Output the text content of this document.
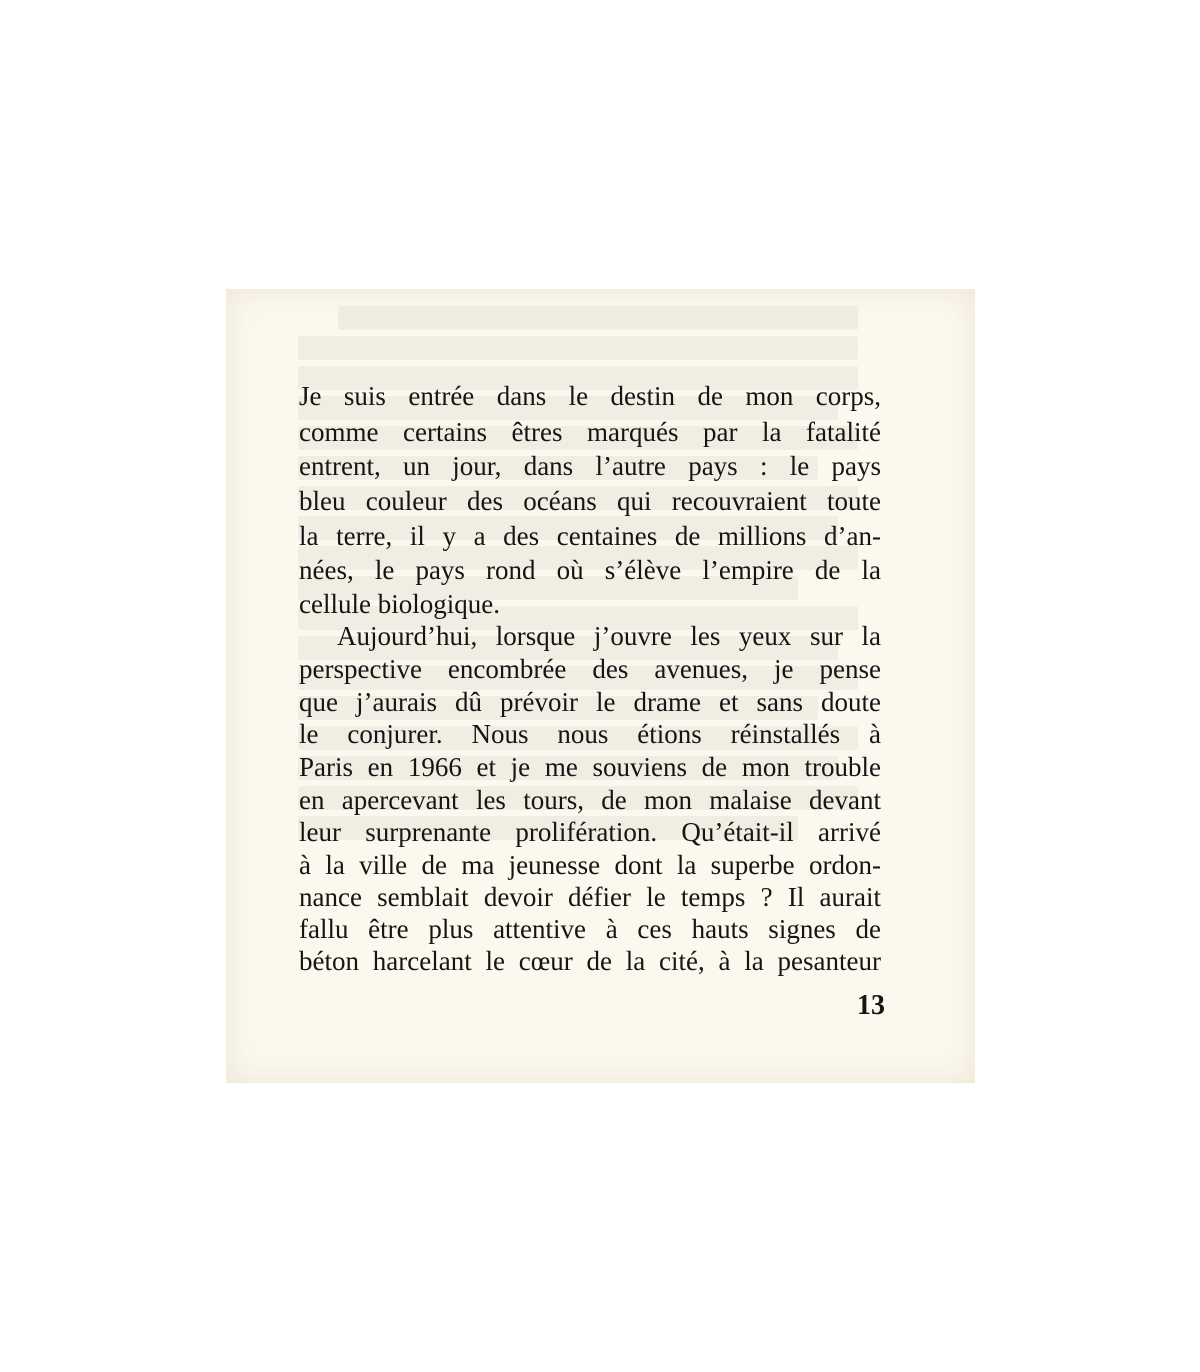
Je suis entrée dans le destin de mon corps,
comme certains êtres marqués par la fatalité
entrent, un jour, dans l’autre pays : le pays
bleu couleur des océans qui recouvraient toute
la terre, il y a des centaines de millions d’an-
nées, le pays rond où s’élève l’empire de la
cellule biologique.
Aujourd’hui, lorsque j’ouvre les yeux sur la
perspective encombrée des avenues, je pense
que j’aurais dû prévoir le drame et sans doute
le conjurer. Nous nous étions réinstallés à
Paris en 1966 et je me souviens de mon trouble
en apercevant les tours, de mon malaise devant
leur surprenante prolifération. Qu’était-il arrivé
à la ville de ma jeunesse dont la superbe ordon-
nance semblait devoir défier le temps ? Il aurait
fallu être plus attentive à ces hauts signes de
béton harcelant le cœur de la cité, à la pesanteur
13
